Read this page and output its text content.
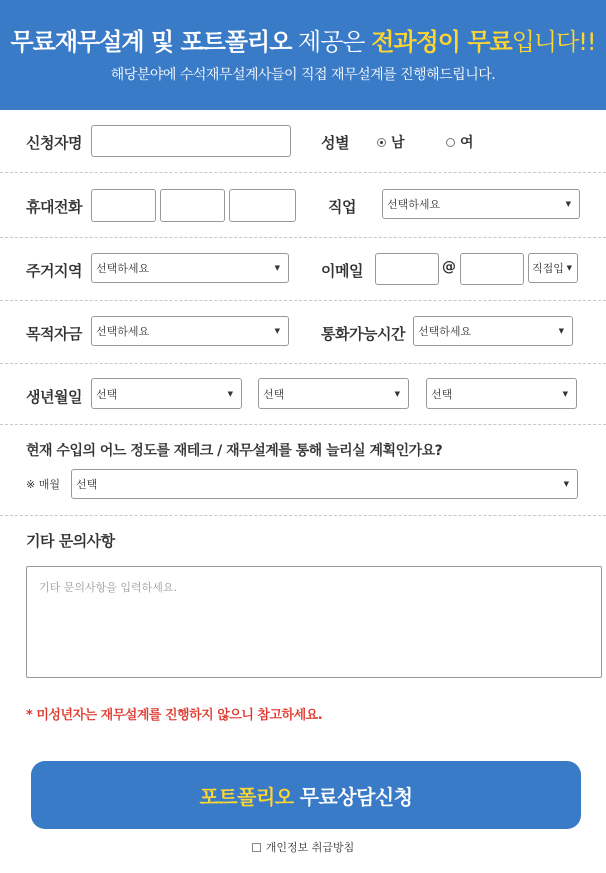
무료재무설계 및 포트폴리오 제공은 전과정이 무료입니다!!
해당분야에 수석재무설계사들이 직접 재무설계를 진행해드립니다.
신청자명	성별	남	여
휴대전화	직업	선택하세요	▼
주거지역 선택하세요	▼	이메일	@	직접입 ▼
목적자금 선택하세요	▼	통화가능시간 선택하세요	▼
생년월일 선택	▼	선택	▼	선택	▼
현재 수입의 어느 정도를 재테크 / 재무설계를 통해 늘리실 계획인가요?
※ 매월 선택	▼
기타 문의사항
기타 문의사항을 입력하세요.
* 미성년자는 재무설계를 진행하지 않으니 참고하세요.
포트폴리오 무료상담신청
개인정보 취급방침
